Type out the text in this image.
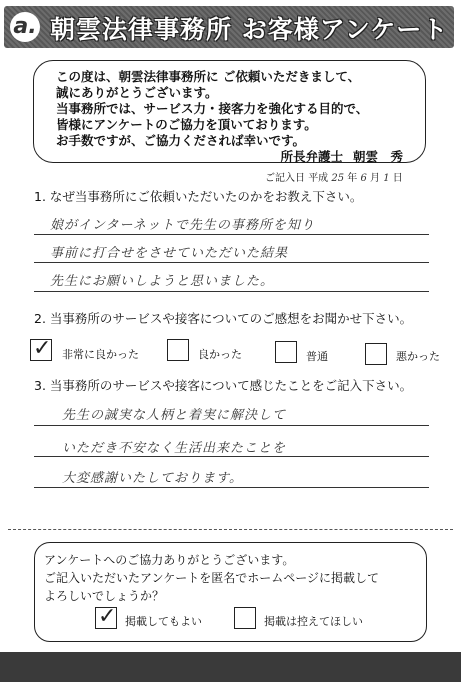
a. 朝雲法律事務所 お客様アンケート
この度は、朝雲法律事務所に ご依頼いただきまして、
誠にありがとうございます。
当事務所では、サービス力・接客力を強化する目的で、
皆様にアンケートのご協力を頂いております。
お手数ですが、ご協力くだされば幸いです。
所長弁護士 朝雲　秀
ご記入日 平成 25 年 6 月 1 日
1. なぜ当事務所にご依頼いただいたのかをお教え下さい。
娘がインターネットで先生の事務所を知り
事前に打合せをさせていただいた結果
先生にお願いしようと思いました。
2. 当事務所のサービスや接客についてのご感想をお聞かせ下さい。
✓ 非常に良かった	良かった	普通	悪かった
3. 当事務所のサービスや接客について感じたことをご記入下さい。
先生の誠実な人柄と着実に解決して
いただき不安なく生活出来たことを
大変感謝いたしております。
アンケートへのご協力ありがとうございます。
ご記入いただいたアンケートを匿名でホームページに掲載して
よろしいでしょうか？
✓ 掲載してもよい	掲載は控えてほしい
